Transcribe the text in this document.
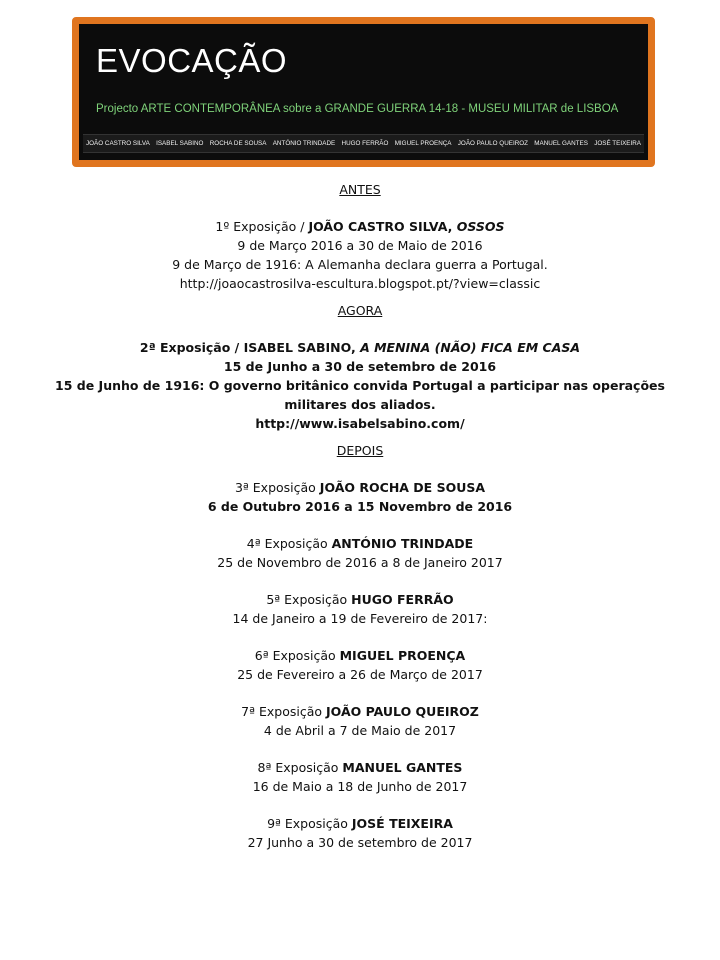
EVOCAÇÃO

Projecto ARTE CONTEMPORÂNEA sobre a GRANDE GUERRA 14-18 - MUSEU MILITAR de LISBOA

JOÃO CASTRO SILVA ISABEL SABINO ROCHA DE SOUSA ANTÓNIO TRINDADE HUGO FERRÃO MIGUEL PROENÇA JOÃO PAULO QUEIROZ MANUEL GANTES JOSÉ TEIXEIRA

ANTES

1º Exposição / JOÃO CASTRO SILVA, OSSOS

9 de Março 2016 a 30 de Maio de 2016

9 de Março de 1916: A Alemanha declara guerra a Portugal.

http://joaocastrosilva-escultura.blogspot.pt/?view=classic

AGORA

2ª Exposição / ISABEL SABINO, A MENINA (NÃO) FICA EM CASA

15 de Junho a 30 de setembro de 2016

15 de Junho de 1916: O governo britânico convida Portugal a participar nas operações

militares dos aliados.

http://www.isabelsabino.com/

DEPOIS

3ª Exposição JOÃO ROCHA DE SOUSA

6 de Outubro 2016 a 15 Novembro de 2016

4ª Exposição ANTÓNIO TRINDADE

25 de Novembro de 2016 a 8 de Janeiro 2017

5ª Exposição HUGO FERRÃO

14 de Janeiro a 19 de Fevereiro de 2017:

6ª Exposição MIGUEL PROENÇA

25 de Fevereiro a 26 de Março de 2017

7ª Exposição JOÃO PAULO QUEIROZ

4 de Abril a 7 de Maio de 2017

8ª Exposição MANUEL GANTES

16 de Maio a 18 de Junho de 2017

9ª Exposição JOSÉ TEIXEIRA

27 Junho a 30 de setembro de 2017
